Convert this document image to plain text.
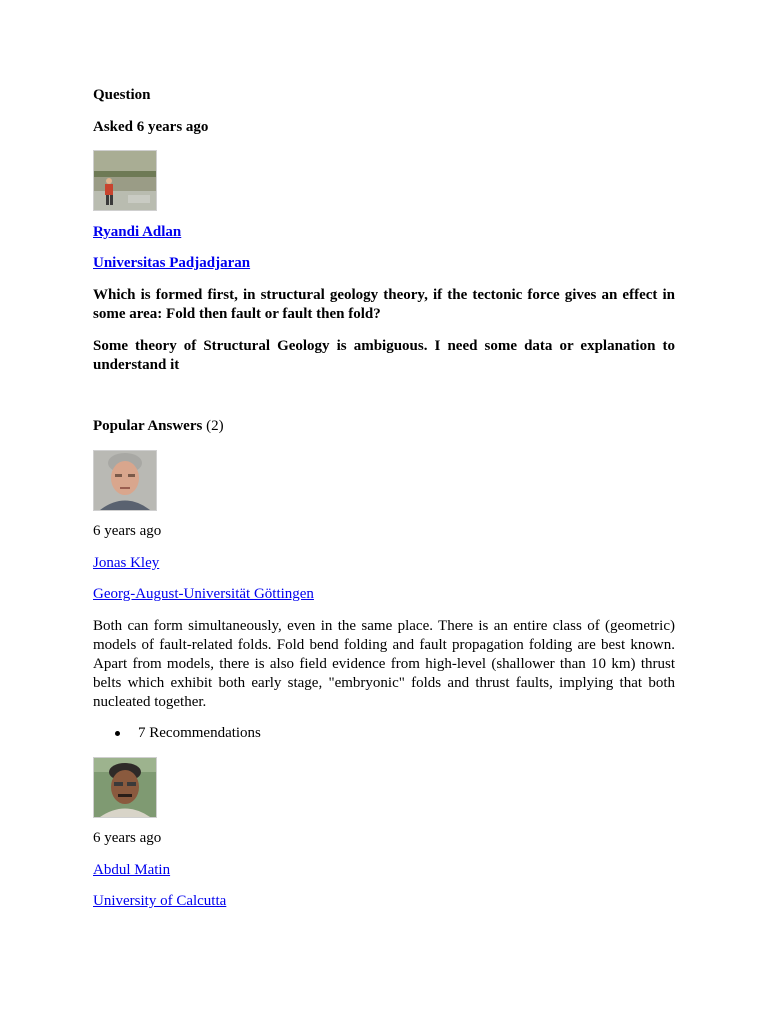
Question

Asked 6 years ago

Ryandi Adlan

Universitas Padjadjaran

Which is formed first, in structural geology theory, if the tectonic force gives an effect in some area: Fold then fault or fault then fold?

Some theory of Structural Geology is ambiguous. I need some data or explanation to understand it

Popular Answers (2)

6 years ago

Jonas Kley

Georg-August-Universität Göttingen

Both can form simultaneously, even in the same place. There is an entire class of (geometric) models of fault-related folds. Fold bend folding and fault propagation folding are best known. Apart from models, there is also field evidence from high-level (shallower than 10 km) thrust belts which exhibit both early stage, "embryonic" folds and thrust faults, implying that both nucleated together.

7 Recommendations

6 years ago

Abdul Matin

University of Calcutta
